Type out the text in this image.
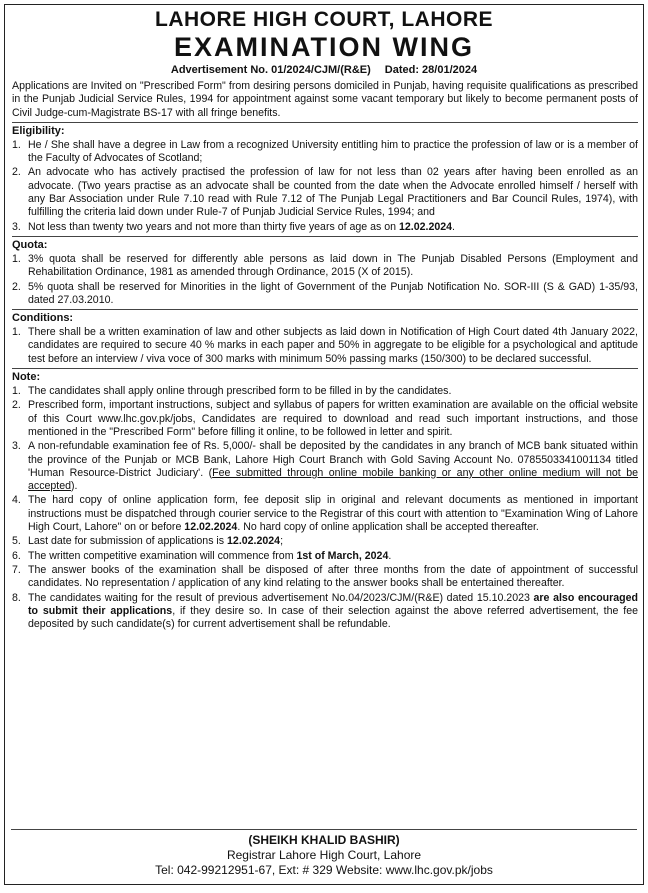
LAHORE HIGH COURT, LAHORE
EXAMINATION WING
Advertisement No. 01/2024/CJM/(R&E) Dated: 28/01/2024
Applications are Invited on "Prescribed Form" from desiring persons domiciled in Punjab, having requisite qualifications as prescribed in the Punjab Judicial Service Rules, 1994 for appointment against some vacant temporary but likely to become permanent posts of Civil Judge-cum-Magistrate BS-17 with all fringe benefits.
Eligibility:
1. He / She shall have a degree in Law from a recognized University entitling him to practice the profession of law or is a member of the Faculty of Advocates of Scotland;
2. An advocate who has actively practised the profession of law for not less than 02 years after having been enrolled as an advocate. (Two years practise as an advocate shall be counted from the date when the Advocate enrolled himself / herself with any Bar Association under Rule 7.10 read with Rule 7.12 of The Punjab Legal Practitioners and Bar Council Rules, 1974), with fulfilling the criteria laid down under Rule-7 of Punjab Judicial Service Rules, 1994; and
3. Not less than twenty two years and not more than thirty five years of age as on 12.02.2024.
Quota:
1. 3% quota shall be reserved for differently able persons as laid down in The Punjab Disabled Persons (Employment and Rehabilitation Ordinance, 1981 as amended through Ordinance, 2015 (X of 2015).
2. 5% quota shall be reserved for Minorities in the light of Government of the Punjab Notification No. SOR-III (S & GAD) 1-35/93, dated 27.03.2010.
Conditions:
1. There shall be a written examination of law and other subjects as laid down in Notification of High Court dated 4th January 2022, candidates are required to secure 40 % marks in each paper and 50% in aggregate to be eligible for a psychological and aptitude test before an interview / viva voce of 300 marks with minimum 50% passing marks (150/300) to be declared successful.
Note:
1. The candidates shall apply online through prescribed form to be filled in by the candidates.
2. Prescribed form, important instructions, subject and syllabus of papers for written examination are available on the official website of this Court www.lhc.gov.pk/jobs, Candidates are required to download and read such important instructions, and those mentioned in the "Prescribed Form" before filling it online, to be followed in letter and spirit.
3. A non-refundable examination fee of Rs. 5,000/- shall be deposited by the candidates in any branch of MCB bank situated within the province of the Punjab or MCB Bank, Lahore High Court Branch with Gold Saving Account No. 0785503341001134 titled 'Human Resource-District Judiciary'. (Fee submitted through online mobile banking or any other online medium will not be accepted).
4. The hard copy of online application form, fee deposit slip in original and relevant documents as mentioned in important instructions must be dispatched through courier service to the Registrar of this court with attention to "Examination Wing of Lahore High Court, Lahore" on or before 12.02.2024. No hard copy of online application shall be accepted thereafter.
5. Last date for submission of applications is 12.02.2024;
6. The written competitive examination will commence from 1st of March, 2024.
7. The answer books of the examination shall be disposed of after three months from the date of appointment of successful candidates. No representation / application of any kind relating to the answer books shall be entertained thereafter.
8. The candidates waiting for the result of previous advertisement No.04/2023/CJM/(R&E) dated 15.10.2023 are also encouraged to submit their applications, if they desire so. In case of their selection against the above referred advertisement, the fee deposited by such candidate(s) for current advertisement shall be refundable.
(SHEIKH KHALID BASHIR)
Registrar Lahore High Court, Lahore
Tel: 042-99212951-67, Ext: # 329 Website: www.lhc.gov.pk/jobs
